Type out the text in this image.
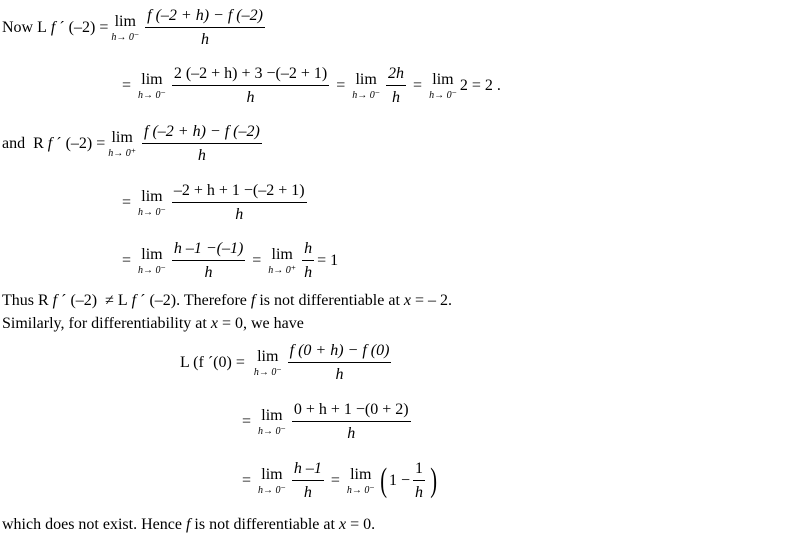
Now L
f ´ (–2) = lim
$h\to 0^- \frac{f (-2 + h) - f (-2)}{h}$
= lim
$h\to 0^- \frac{2 (-2 + h) + 3 -(-2 + 1)}{h} = \lim$
$h\to 0^- \frac{2h}{h} = \lim$
h→ 0⁻
2 = 2 .
and  R
f ´ (–2) = lim
$h\to 0^+ \frac{f (-2 + h) - f (-2)}{h}$
= lim
$h\to 0^- \frac{-2 + h + 1 -(-2 + 1)}{h}$
= lim
$h\to 0^- \frac{h -1 -(-1)}{h} = \lim$
$h\to 0^+ \frac{h}{h} = 1$
Thus R f ´ (–2)  ≠ L f ´ (–2). Therefore f is not differentiable at x = – 2.
Similarly, for differentiability at x = 0, we have
L (f ´(0) = lim
$h\to 0^- \frac{f (0 + h) - f (0)}{h}$
= lim
$h\to 0^- \frac{0 + h + 1 -(0 + 2)}{h}$
= lim
$h\to 0^- \frac{h -1}{h} = \lim$
h→ 0⁻ ( $1 - \frac{1}{h}$ )
which does not exist. Hence f is not differentiable at x = 0.
